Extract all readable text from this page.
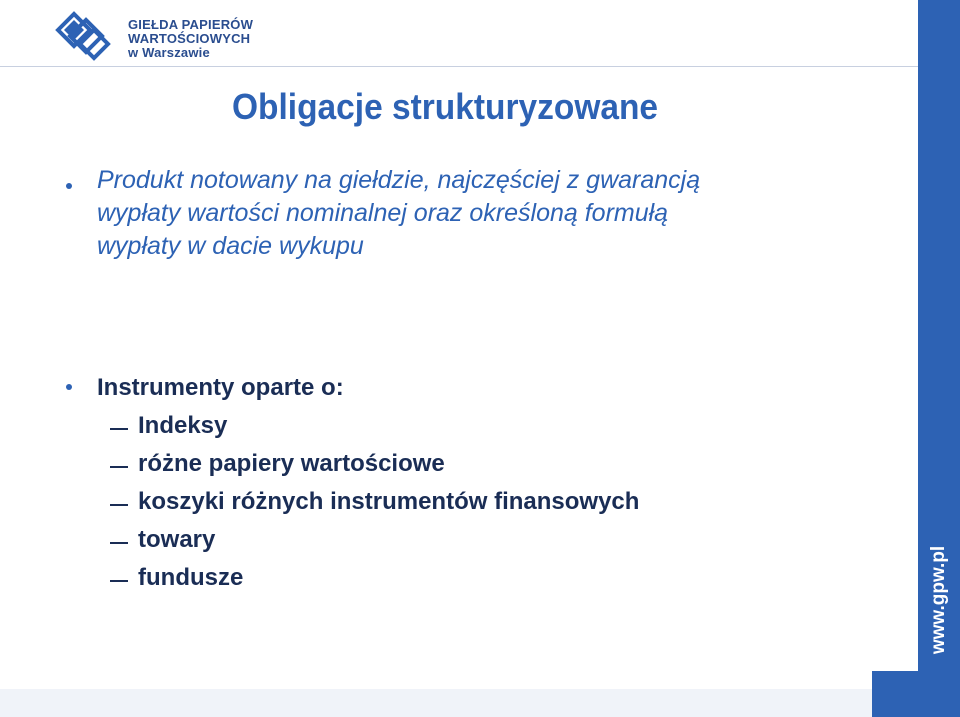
GIEŁDA PAPIERÓW
WARTOŚCIOWYCH
w Warszawie
www.gpw.pl
Obligacje strukturyzowane
Produkt notowany na giełdzie, najczęściej z gwarancją
wypłaty wartości nominalnej oraz określoną formułą
wypłaty w dacie wykupu
Instrumenty oparte o:
Indeksy
różne papiery wartościowe
koszyki różnych instrumentów finansowych
towary
fundusze
